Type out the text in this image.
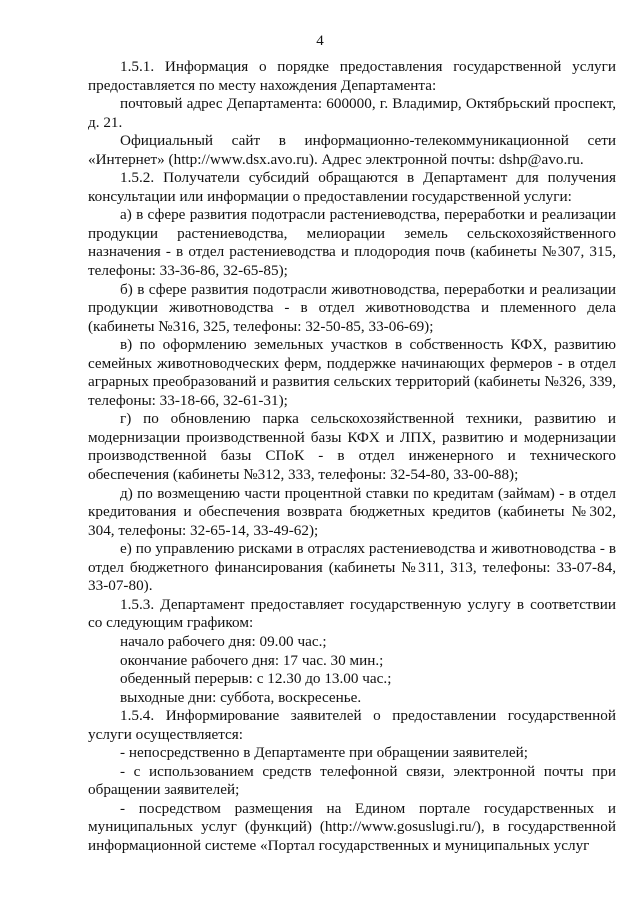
4

1.5.1. Информация о порядке предоставления государственной услуги предоставляется по месту нахождения Департамента:

почтовый адрес Департамента: 600000, г. Владимир, Октябрьский проспект, д. 21.

Официальный сайт в информационно-телекоммуникационной сети «Интернет» (http://www.dsx.avo.ru). Адрес электронной почты: dshp@avo.ru.

1.5.2. Получатели субсидий обращаются в Департамент для получения консультации или информации о предоставлении государственной услуги:

а) в сфере развития подотрасли растениеводства, переработки и реализации продукции растениеводства, мелиорации земель сельскохозяйственного назначения - в отдел растениеводства и плодородия почв (кабинеты №307, 315, телефоны: 33-36-86, 32-65-85);

б) в сфере развития подотрасли животноводства, переработки и реализации продукции животноводства - в отдел животноводства и племенного дела (кабинеты №316, 325, телефоны: 32-50-85, 33-06-69);

в) по оформлению земельных участков в собственность КФХ, развитию семейных животноводческих ферм, поддержке начинающих фермеров - в отдел аграрных преобразований и развития сельских территорий (кабинеты №326, 339, телефоны: 33-18-66, 32-61-31);

г) по обновлению парка сельскохозяйственной техники, развитию и модернизации производственной базы КФХ и ЛПХ, развитию и модернизации производственной базы СПоК - в отдел инженерного и технического обеспечения (кабинеты №312, 333, телефоны: 32-54-80, 33-00-88);

д) по возмещению части процентной ставки по кредитам (займам) - в отдел кредитования и обеспечения возврата бюджетных кредитов (кабинеты №302, 304, телефоны: 32-65-14, 33-49-62);

е) по управлению рисками в отраслях растениеводства и животноводства - в отдел бюджетного финансирования (кабинеты №311, 313, телефоны: 33-07-84, 33-07-80).

1.5.3. Департамент предоставляет государственную услугу в соответствии со следующим графиком:

начало рабочего дня: 09.00 час.;

окончание рабочего дня: 17 час. 30 мин.;

обеденный перерыв: с 12.30 до 13.00 час.;

выходные дни: суббота, воскресенье.

1.5.4. Информирование заявителей о предоставлении государственной услуги осуществляется:

- непосредственно в Департаменте при обращении заявителей;

- с использованием средств телефонной связи, электронной почты при обращении заявителей;

- посредством размещения на Едином портале государственных и муниципальных услуг (функций) (http://www.gosuslugi.ru/), в государственной информационной системе «Портал государственных и муниципальных услуг
